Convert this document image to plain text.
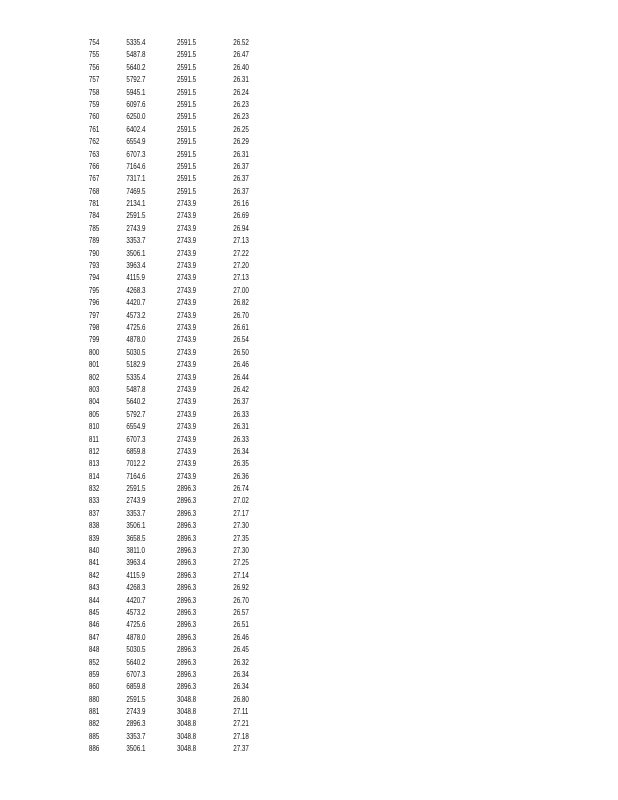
754	5335.4	2591.5	26.52
755	5487.8	2591.5	26.47
756	5640.2	2591.5	26.40
757	5792.7	2591.5	26.31
758	5945.1	2591.5	26.24
759	6097.6	2591.5	26.23
760	6250.0	2591.5	26.23
761	6402.4	2591.5	26.25
762	6554.9	2591.5	26.29
763	6707.3	2591.5	26.31
766	7164.6	2591.5	26.37
767	7317.1	2591.5	26.37
768	7469.5	2591.5	26.37
781	2134.1	2743.9	26.16
784	2591.5	2743.9	26.69
785	2743.9	2743.9	26.94
789	3353.7	2743.9	27.13
790	3506.1	2743.9	27.22
793	3963.4	2743.9	27.20
794	4115.9	2743.9	27.13
795	4268.3	2743.9	27.00
796	4420.7	2743.9	26.82
797	4573.2	2743.9	26.70
798	4725.6	2743.9	26.61
799	4878.0	2743.9	26.54
800	5030.5	2743.9	26.50
801	5182.9	2743.9	26.46
802	5335.4	2743.9	26.44
803	5487.8	2743.9	26.42
804	5640.2	2743.9	26.37
805	5792.7	2743.9	26.33
810	6554.9	2743.9	26.31
811	6707.3	2743.9	26.33
812	6859.8	2743.9	26.34
813	7012.2	2743.9	26.35
814	7164.6	2743.9	26.36
832	2591.5	2896.3	26.74
833	2743.9	2896.3	27.02
837	3353.7	2896.3	27.17
838	3506.1	2896.3	27.30
839	3658.5	2896.3	27.35
840	3811.0	2896.3	27.30
841	3963.4	2896.3	27.25
842	4115.9	2896.3	27.14
843	4268.3	2896.3	26.92
844	4420.7	2896.3	26.70
845	4573.2	2896.3	26.57
846	4725.6	2896.3	26.51
847	4878.0	2896.3	26.46
848	5030.5	2896.3	26.45
852	5640.2	2896.3	26.32
859	6707.3	2896.3	26.34
860	6859.8	2896.3	26.34
880	2591.5	3048.8	26.80
881	2743.9	3048.8	27.11
882	2896.3	3048.8	27.21
885	3353.7	3048.8	27.18
886	3506.1	3048.8	27.37
